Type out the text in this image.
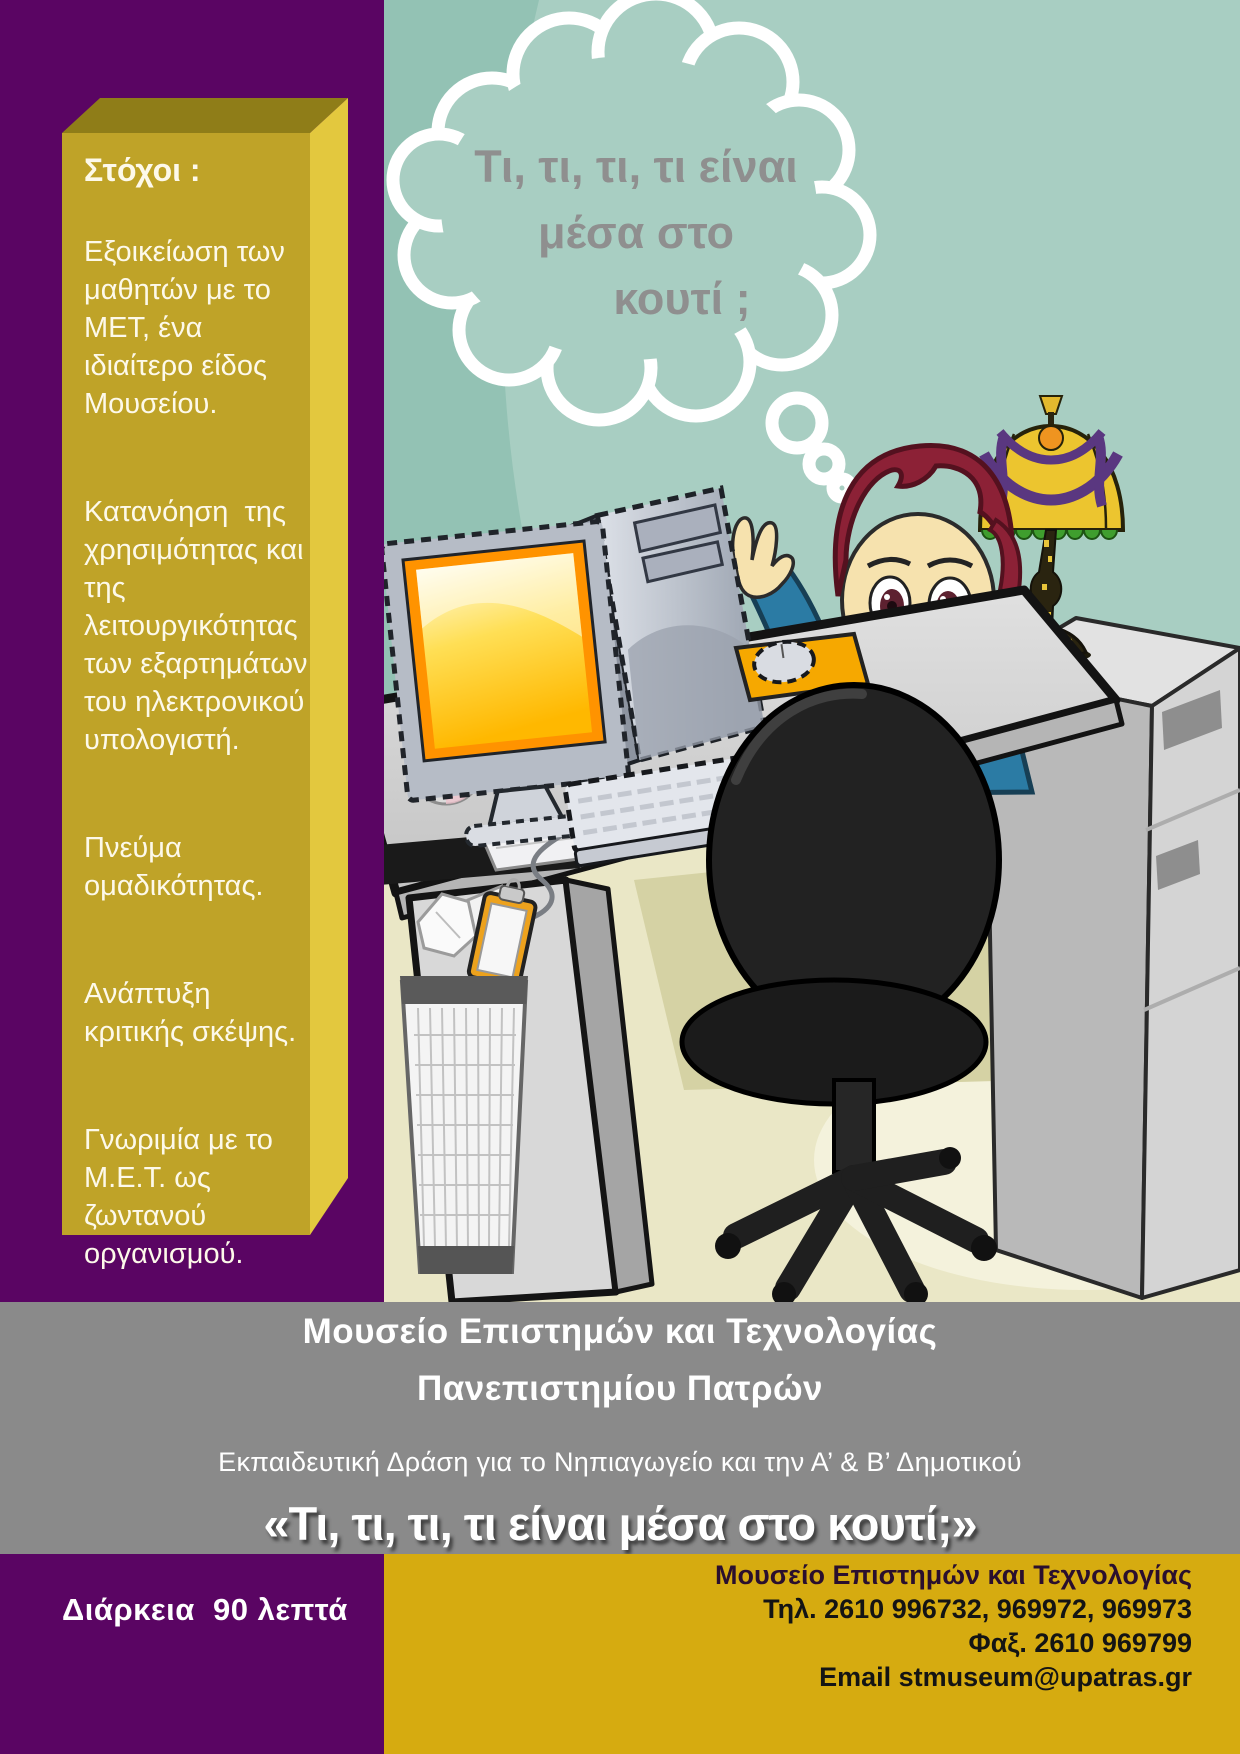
Στόχοι :

Εξοικείωση των μαθητών με το ΜΕΤ, ένα ιδιαίτερο είδος Μουσείου.

Κατανόηση  της χρησιμότητας και της λειτουργικότητας των εξαρτημάτων του ηλεκτρονικού υπολογιστή.

Πνεύμα ομαδικότητας.

Ανάπτυξη κριτικής σκέψης.

Γνωριμία με το Μ.Ε.Τ. ως ζωντανού οργανισμού.

Τι, τι, τι, τι είναι
μέσα στο
κουτί ;
Μουσείο Επιστημών και Τεχνολογίας
Πανεπιστημίου Πατρών
Εκπαιδευτική Δράση για το Νηπιαγωγείο και την Α’ & Β’ Δημοτικού
«Τι, τι, τι, τι είναι μέσα στο κουτί;»
Διάρκεια  90 λεπτά
Μουσείο Επιστημών και Τεχνολογίας
Τηλ. 2610 996732, 969972, 969973
Φαξ. 2610 969799
Email stmuseum@upatras.gr
